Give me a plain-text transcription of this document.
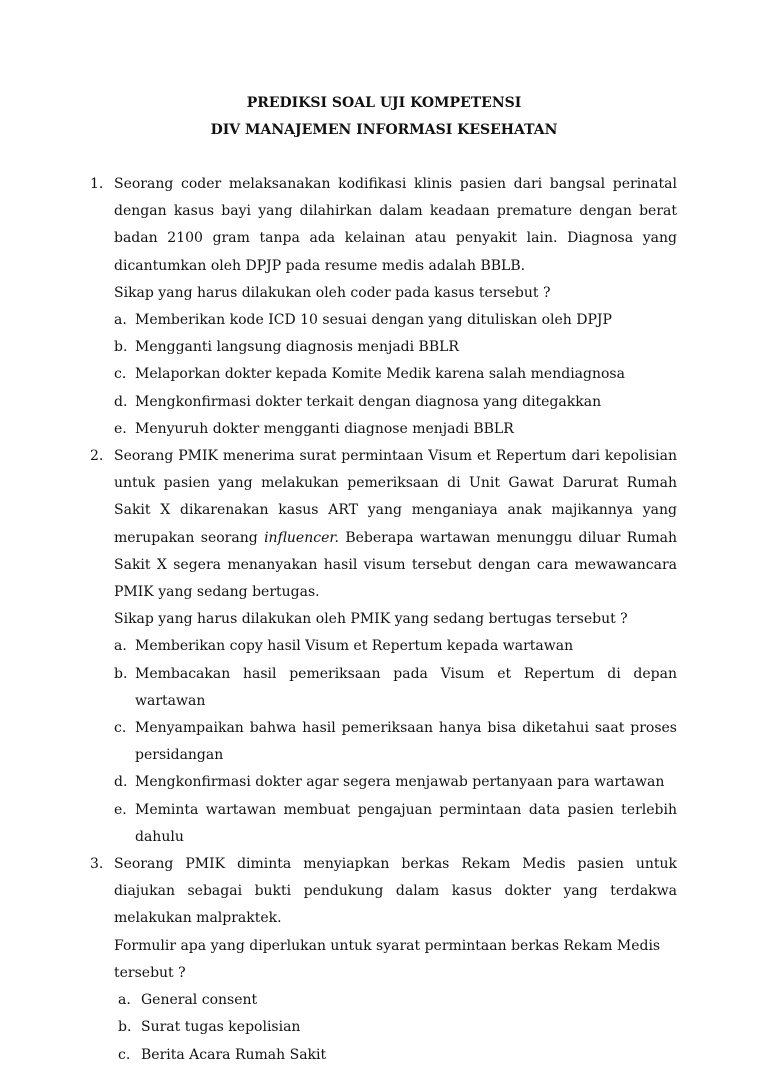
PREDIKSI SOAL UJI KOMPETENSI
DIV MANAJEMEN INFORMASI KESEHATAN
1. Seorang coder melaksanakan kodifikasi klinis pasien dari bangsal perinatal dengan kasus bayi yang dilahirkan dalam keadaan premature dengan berat badan 2100 gram tanpa ada kelainan atau penyakit lain. Diagnosa yang dicantumkan oleh DPJP pada resume medis adalah BBLB.

Sikap yang harus dilakukan oleh coder pada kasus tersebut ?

a. Memberikan kode ICD 10 sesuai dengan yang dituliskan oleh DPJP
b. Mengganti langsung diagnosis menjadi BBLR
c. Melaporkan dokter kepada Komite Medik karena salah mendiagnosa
d. Mengkonfirmasi dokter terkait dengan diagnosa yang ditegakkan
e. Menyuruh dokter mengganti diagnose menjadi BBLR
2. Seorang PMIK menerima surat permintaan Visum et Repertum dari kepolisian untuk pasien yang melakukan pemeriksaan di Unit Gawat Darurat Rumah Sakit X dikarenakan kasus ART yang menganiaya anak majikannya yang merupakan seorang influencer. Beberapa wartawan menunggu diluar Rumah Sakit X segera menanyakan hasil visum tersebut dengan cara mewawancara PMIK yang sedang bertugas.

Sikap yang harus dilakukan oleh PMIK yang sedang bertugas tersebut ?

a. Memberikan copy hasil Visum et Repertum kepada wartawan
b. Membacakan hasil pemeriksaan pada Visum et Repertum di depan wartawan
c. Menyampaikan bahwa hasil pemeriksaan hanya bisa diketahui saat proses persidangan
d. Mengkonfirmasi dokter agar segera menjawab pertanyaan para wartawan
e. Meminta wartawan membuat pengajuan permintaan data pasien terlebih dahulu
3. Seorang PMIK diminta menyiapkan berkas Rekam Medis pasien untuk diajukan sebagai bukti pendukung dalam kasus dokter yang terdakwa melakukan malpraktek.

Formulir apa yang diperlukan untuk syarat permintaan berkas Rekam Medis tersebut ?

a. General consent
b. Surat tugas kepolisian
c. Berita Acara Rumah Sakit
